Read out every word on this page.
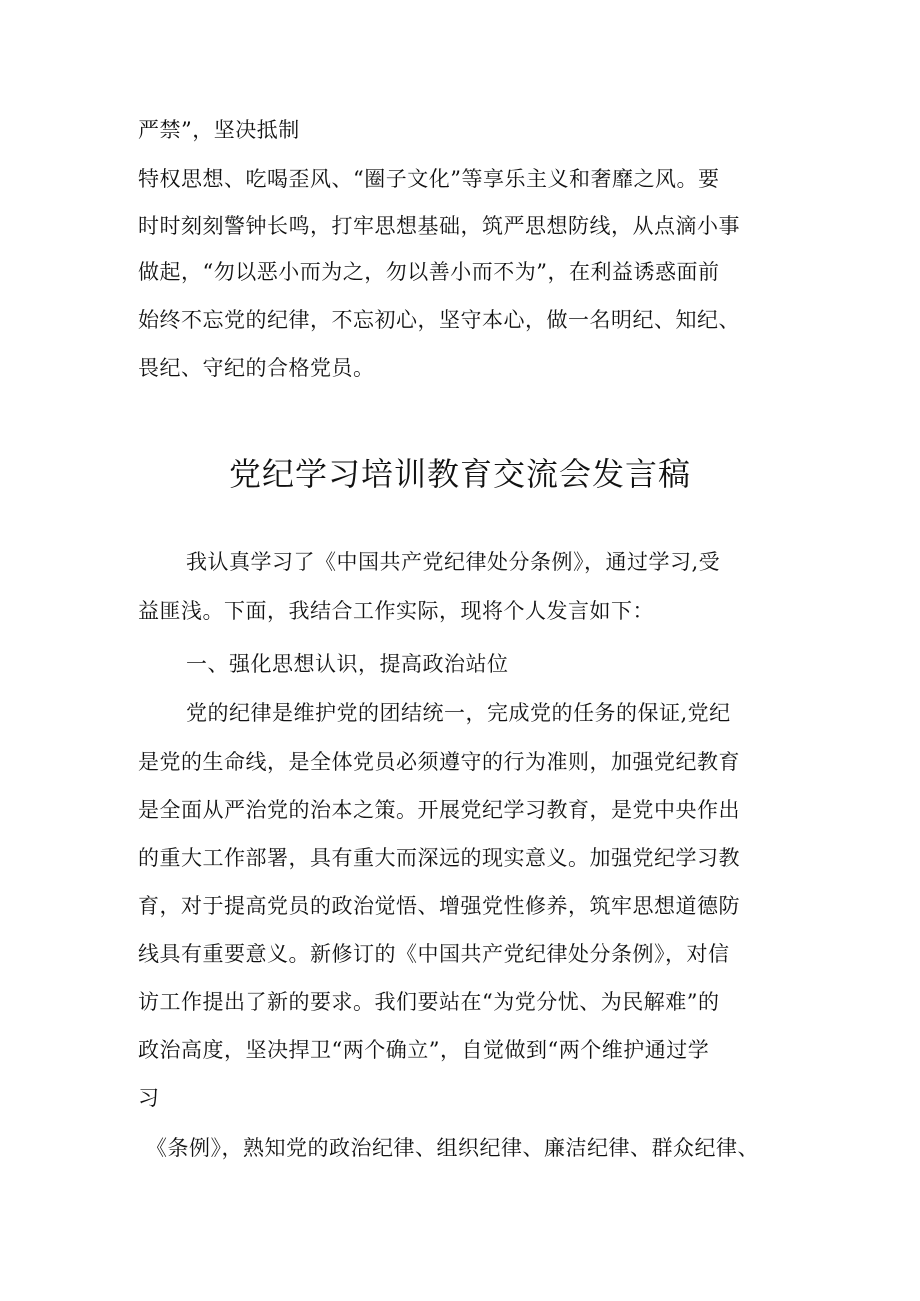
严禁”，坚决抵制
特权思想、吃喝歪风、“圈子文化”等享乐主义和奢靡之风。要
时时刻刻警钟长鸣，打牢思想基础，筑严思想防线，从点滴小事
做起，“勿以恶小而为之，勿以善小而不为”，在利益诱惑面前
始终不忘党的纪律，不忘初心，坚守本心，做一名明纪、知纪、
畏纪、守纪的合格党员。
党纪学习培训教育交流会发言稿
我认真学习了《中国共产党纪律处分条例》，通过学习,受
益匪浅。下面，我结合工作实际，现将个人发言如下：
一、强化思想认识，提高政治站位
党的纪律是维护党的团结统一，完成党的任务的保证,党纪
是党的生命线，是全体党员必须遵守的行为准则，加强党纪教育
是全面从严治党的治本之策。开展党纪学习教育，是党中央作出
的重大工作部署，具有重大而深远的现实意义。加强党纪学习教
育，对于提高党员的政治觉悟、增强党性修养，筑牢思想道德防
线具有重要意义。新修订的《中国共产党纪律处分条例》，对信
访工作提出了新的要求。我们要站在“为党分忧、为民解难”的
政治高度，坚决捍卫“两个确立”，自觉做到“两个维护通过学
习
《条例》，熟知党的政治纪律、组织纪律、廉洁纪律、群众纪律、
